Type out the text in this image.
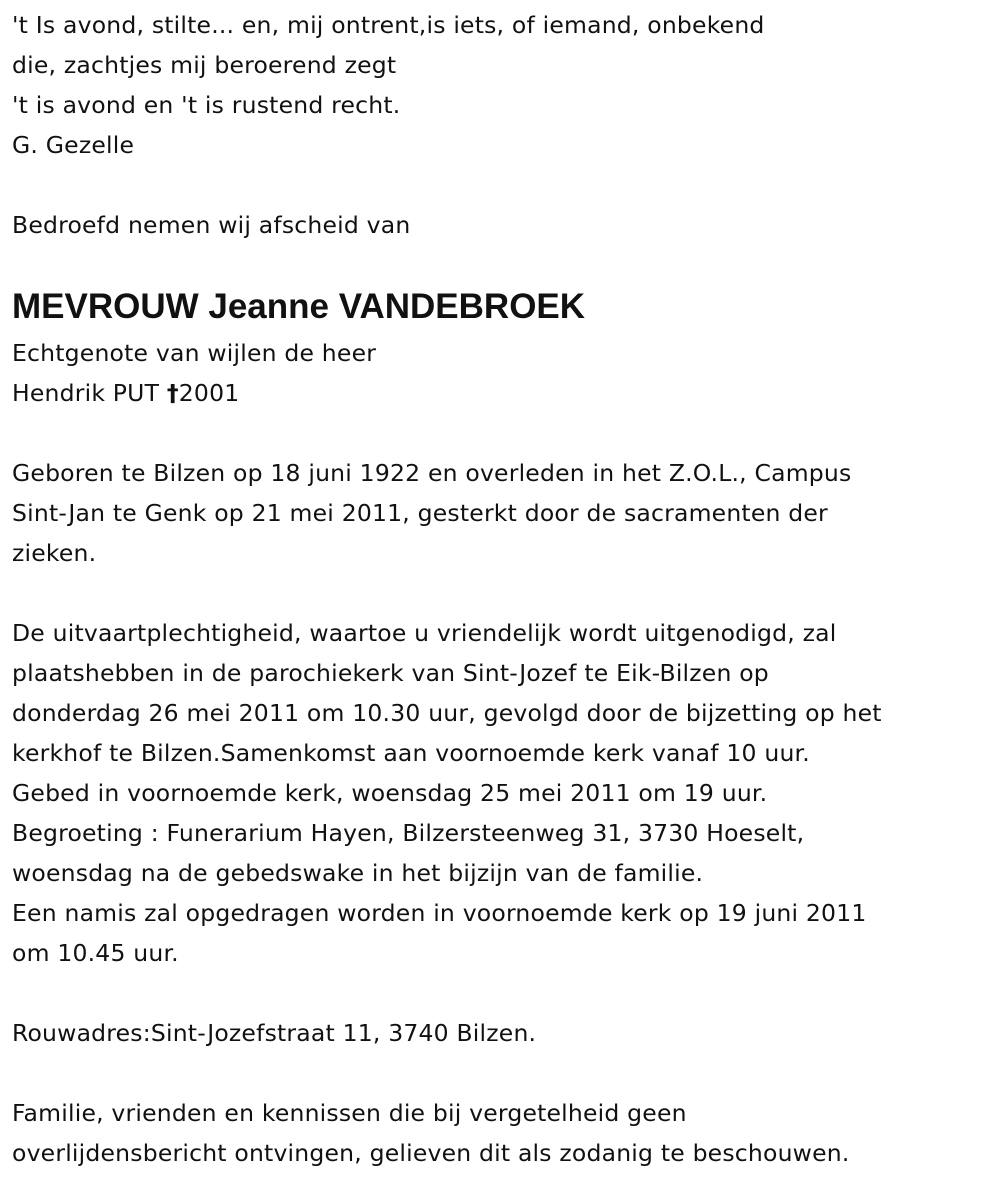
't Is avond, stilte... en, mij ontrent,is iets, of iemand, onbekend
die, zachtjes mij beroerend zegt
't is avond en 't is rustend recht.
G. Gezelle

Bedroefd nemen wij afscheid van

MEVROUW Jeanne VANDEBROEK

Echtgenote van wijlen de heer
Hendrik PUT †2001

Geboren te Bilzen op 18 juni 1922 en overleden in het Z.O.L., Campus
Sint-Jan te Genk op 21 mei 2011, gesterkt door de sacramenten der
zieken.

De uitvaartplechtigheid, waartoe u vriendelijk wordt uitgenodigd, zal
plaatshebben in de parochiekerk van Sint-Jozef te Eik-Bilzen op
donderdag 26 mei 2011 om 10.30 uur, gevolgd door de bijzetting op het
kerkhof te Bilzen.Samenkomst aan voornoemde kerk vanaf 10 uur.
Gebed in voornoemde kerk, woensdag 25 mei 2011 om 19 uur.
Begroeting : Funerarium Hayen, Bilzersteenweg 31, 3730 Hoeselt,
woensdag na de gebedswake in het bijzijn van de familie.
Een namis zal opgedragen worden in voornoemde kerk op 19 juni 2011
om 10.45 uur.

Rouwadres:Sint-Jozefstraat 11, 3740 Bilzen.

Familie, vrienden en kennissen die bij vergetelheid geen
overlijdensbericht ontvingen, gelieven dit als zodanig te beschouwen.
